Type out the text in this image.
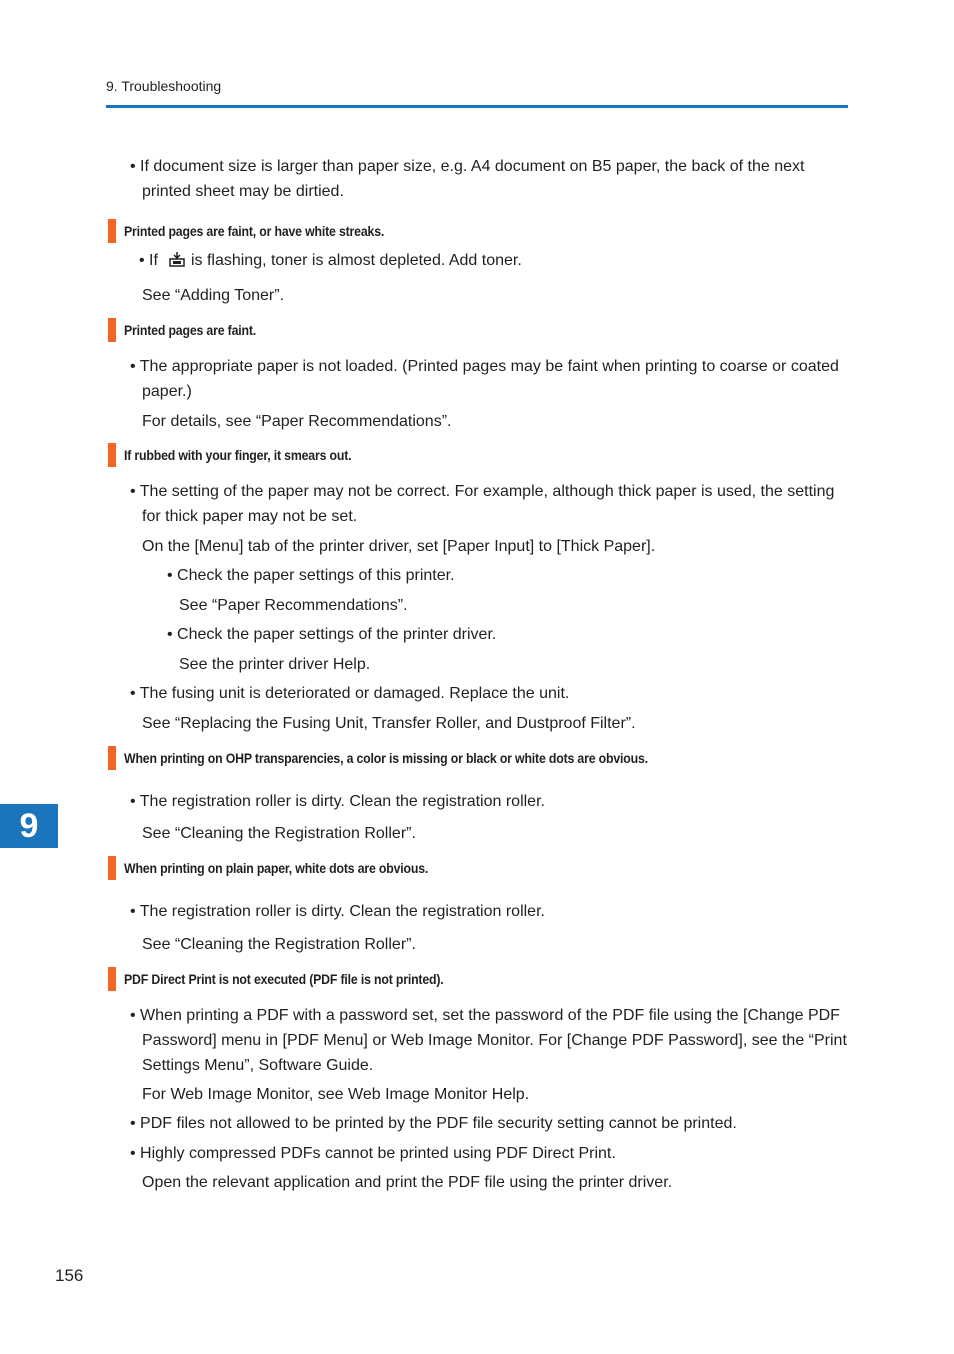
9. Troubleshooting

• If document size is larger than paper size, e.g. A4 document on B5 paper, the back of the next printed sheet may be dirtied.

Printed pages are faint, or have white streaks.

• If is flashing, toner is almost depleted. Add toner.

See “Adding Toner”.

Printed pages are faint.

• The appropriate paper is not loaded. (Printed pages may be faint when printing to coarse or coated paper.)

For details, see “Paper Recommendations”.

If rubbed with your finger, it smears out.

• The setting of the paper may not be correct. For example, although thick paper is used, the setting for thick paper may not be set.

On the [Menu] tab of the printer driver, set [Paper Input] to [Thick Paper].

• Check the paper settings of this printer.

See “Paper Recommendations”.

• Check the paper settings of the printer driver.

See the printer driver Help.

• The fusing unit is deteriorated or damaged. Replace the unit.

See “Replacing the Fusing Unit, Transfer Roller, and Dustproof Filter”.

When printing on OHP transparencies, a color is missing or black or white dots are obvious.

• The registration roller is dirty. Clean the registration roller.

See “Cleaning the Registration Roller”.

9
When printing on plain paper, white dots are obvious.

• The registration roller is dirty. Clean the registration roller.

See “Cleaning the Registration Roller”.

PDF Direct Print is not executed (PDF file is not printed).

• When printing a PDF with a password set, set the password of the PDF file using the [Change PDF Password] menu in [PDF Menu] or Web Image Monitor. For [Change PDF Password], see the “Print Settings Menu”, Software Guide.

For Web Image Monitor, see Web Image Monitor Help.

• PDF files not allowed to be printed by the PDF file security setting cannot be printed.

• Highly compressed PDFs cannot be printed using PDF Direct Print.

Open the relevant application and print the PDF file using the printer driver.

156
